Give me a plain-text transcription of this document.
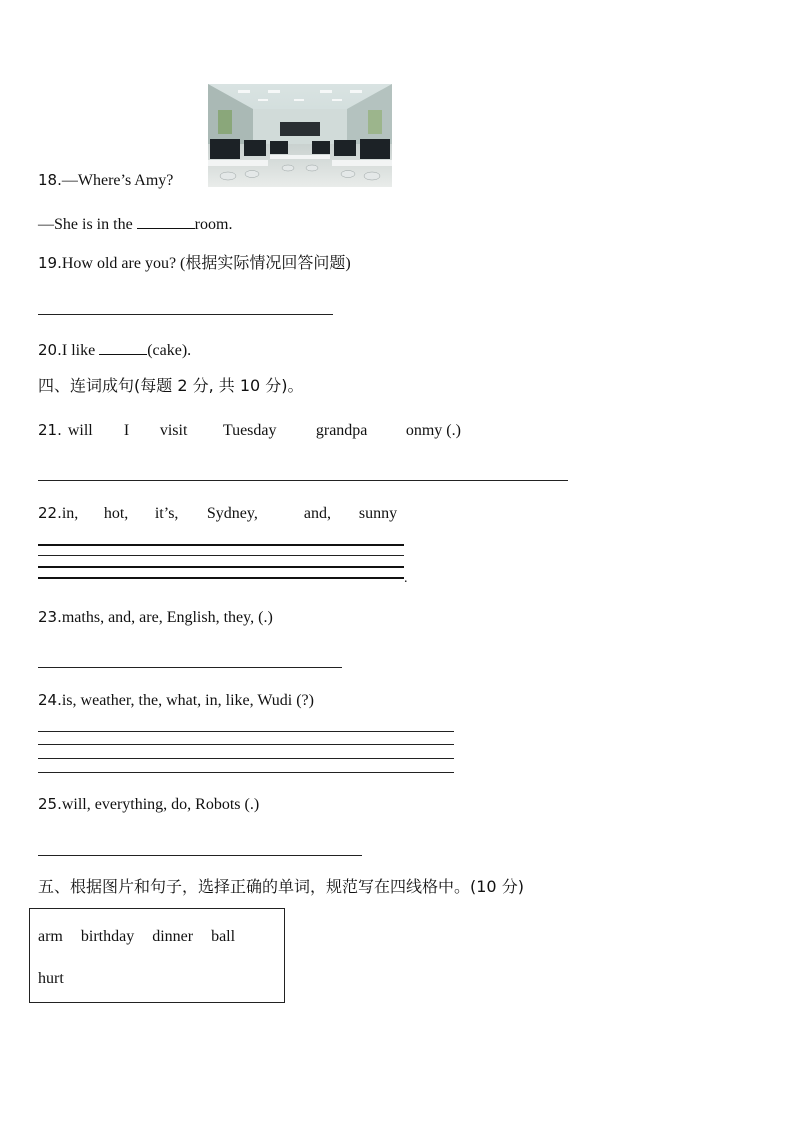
18.—Where’s Amy?
—She is in the	room.
19.How old are you? (根据实际情况回答问题)
20.I like	(cake).
四、连词成句(每题 2 分, 共 10 分)。
21. will I visit Tuesday grandpa onmy (.)
22.in, hot, it’s, Sydney,	and, sunny
.
23.maths, and, are, English, they, (.)
24.is, weather, the, what, in, like, Wudi (?)
25.will, everything, do, Robots (.)
五、根据图片和句子，选择正确的单词，规范写在四线格中。(10 分)
arm birthday dinner ball
hurt
